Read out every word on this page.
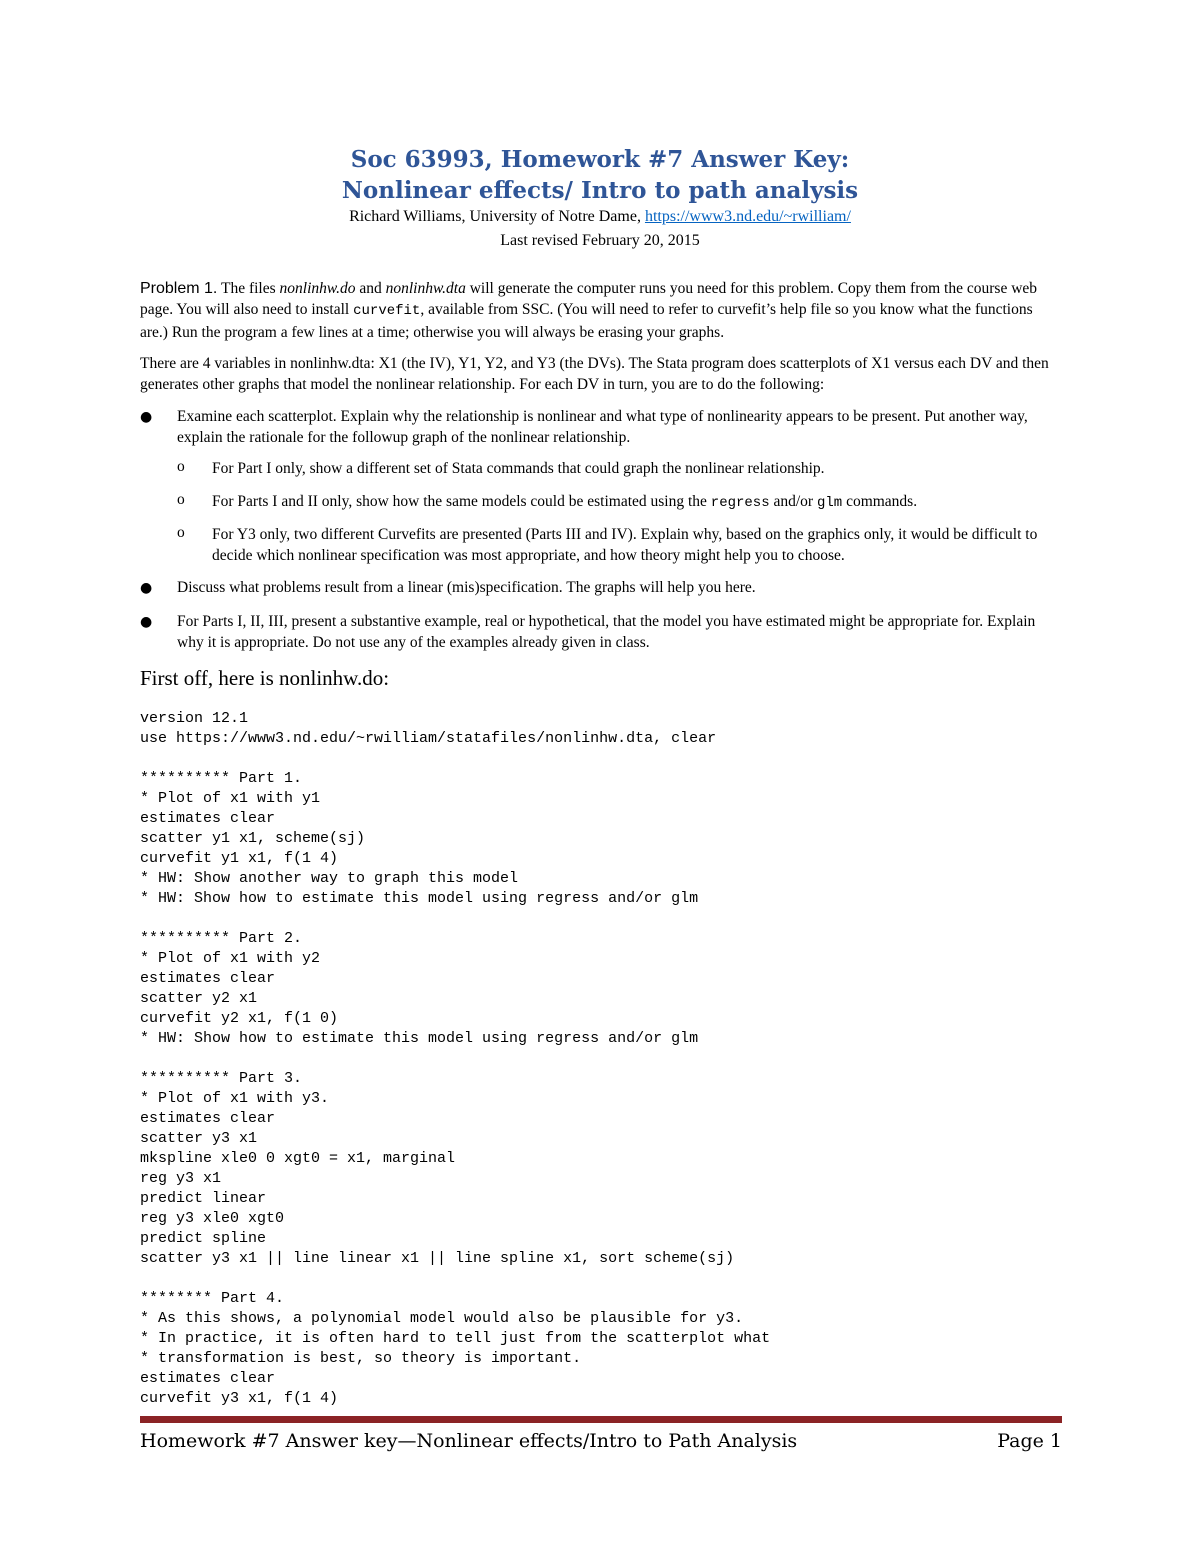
Soc 63993, Homework #7 Answer Key:
Nonlinear effects/ Intro to path analysis
Richard Williams, University of Notre Dame, https://www3.nd.edu/~rwilliam/
Last revised February 20, 2015
Problem 1. The files nonlinhw.do and nonlinhw.dta will generate the computer runs you need for this problem. Copy them from the course web page. You will also need to install curvefit, available from SSC. (You will need to refer to curvefit’s help file so you know what the functions are.) Run the program a few lines at a time; otherwise you will always be erasing your graphs.
There are 4 variables in nonlinhw.dta: X1 (the IV), Y1, Y2, and Y3 (the DVs). The Stata program does scatterplots of X1 versus each DV and then generates other graphs that model the nonlinear relationship. For each DV in turn, you are to do the following:
● Examine each scatterplot. Explain why the relationship is nonlinear and what type of nonlinearity appears to be present. Put another way, explain the rationale for the followup graph of the nonlinear relationship.
o For Part I only, show a different set of Stata commands that could graph the nonlinear relationship.
o For Parts I and II only, show how the same models could be estimated using the regress and/or glm commands.
o For Y3 only, two different Curvefits are presented (Parts III and IV). Explain why, based on the graphics only, it would be difficult to decide which nonlinear specification was most appropriate, and how theory might help you to choose.
● Discuss what problems result from a linear (mis)specification. The graphs will help you here.
● For Parts I, II, III, present a substantive example, real or hypothetical, that the model you have estimated might be appropriate for. Explain why it is appropriate. Do not use any of the examples already given in class.
First off, here is nonlinhw.do:
version 12.1
use https://www3.nd.edu/~rwilliam/statafiles/nonlinhw.dta, clear

********** Part 1.
* Plot of x1 with y1
estimates clear
scatter y1 x1, scheme(sj)
curvefit y1 x1, f(1 4)
* HW: Show another way to graph this model
* HW: Show how to estimate this model using regress and/or glm

********** Part 2.
* Plot of x1 with y2
estimates clear
scatter y2 x1
curvefit y2 x1, f(1 0)
* HW: Show how to estimate this model using regress and/or glm

********** Part 3.
* Plot of x1 with y3.
estimates clear
scatter y3 x1
mkspline xle0 0 xgt0 = x1, marginal
reg y3 x1
predict linear
reg y3 xle0 xgt0
predict spline
scatter y3 x1 || line linear x1 || line spline x1, sort scheme(sj)

******** Part 4.
* As this shows, a polynomial model would also be plausible for y3.
* In practice, it is often hard to tell just from the scatterplot what
* transformation is best, so theory is important.
estimates clear
curvefit y3 x1, f(1 4)
Homework #7 Answer key—Nonlinear effects/Intro to Path Analysis	Page 1
